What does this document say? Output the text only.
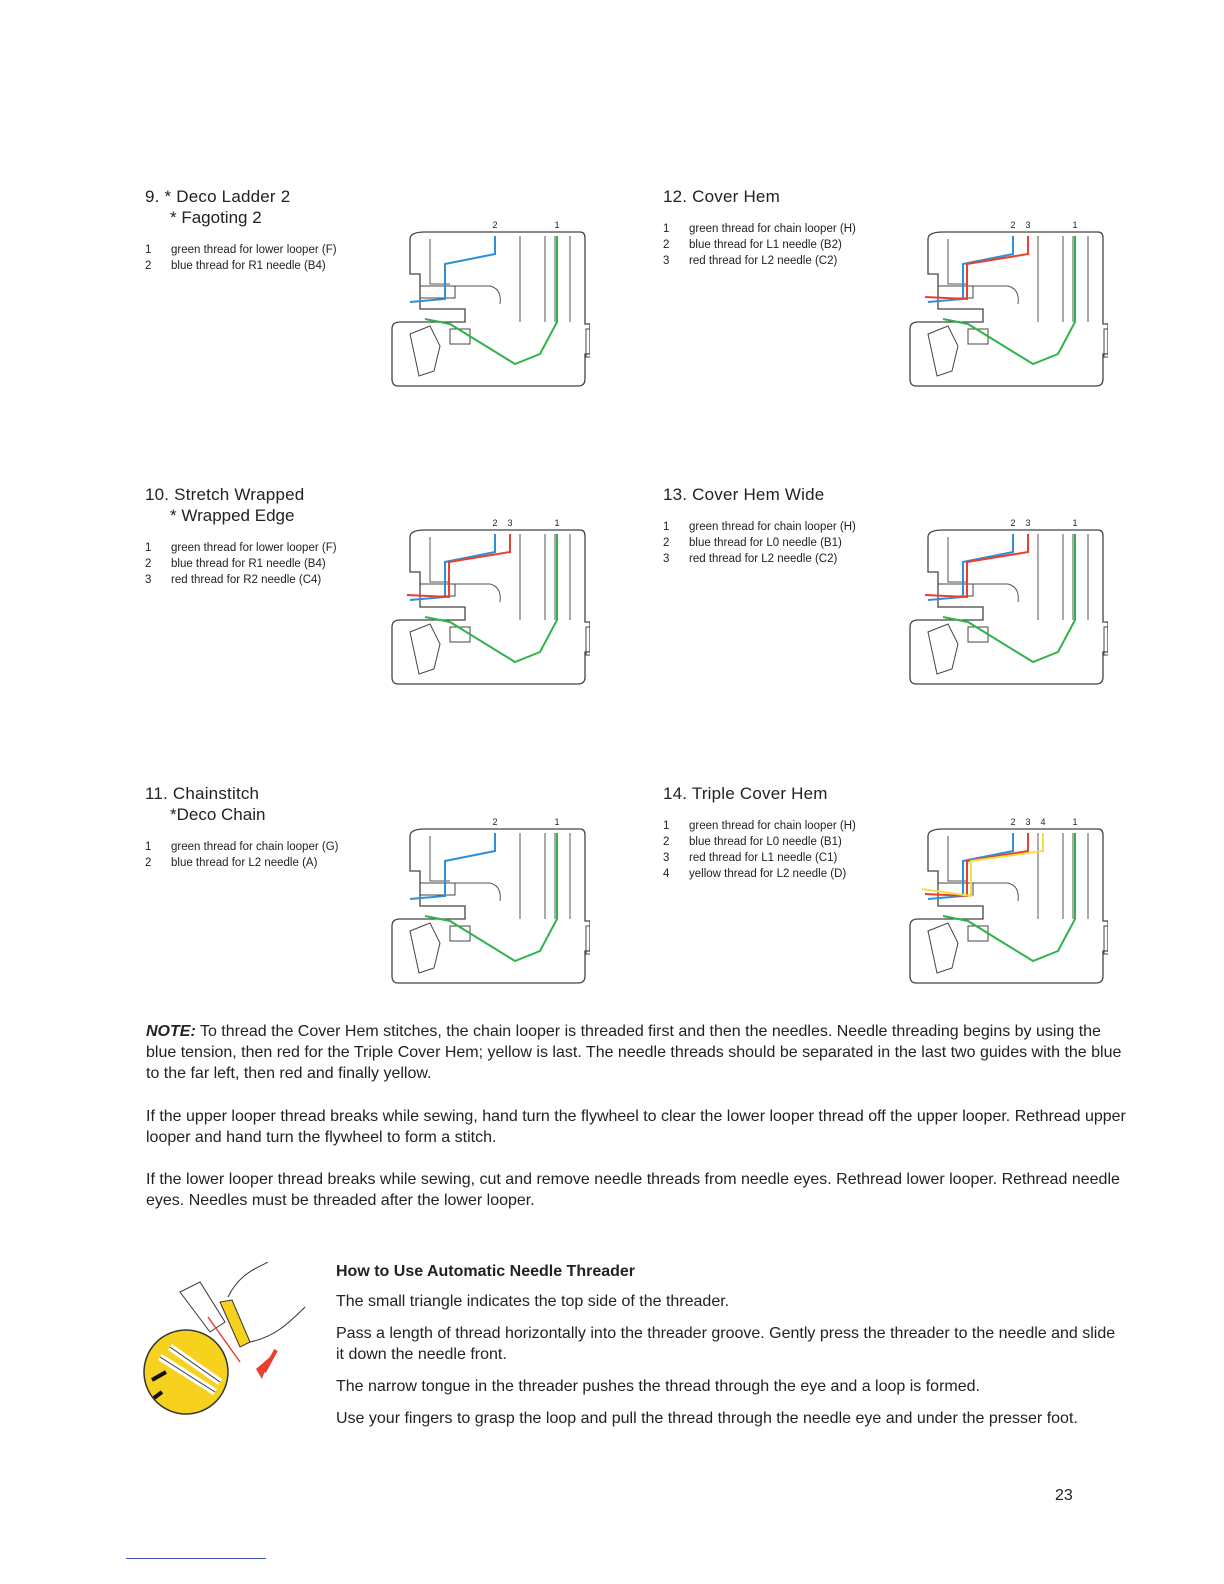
9. * Deco Ladder 2
* Fagoting 2
1	green thread for lower looper (F)
2	blue thread for R1 needle (B4)
2	1
10. Stretch Wrapped
* Wrapped Edge
1	green thread for lower looper (F)
2	blue thread for R1 needle (B4)
3	red thread for R2 needle (C4)
2 3	1
11. Chainstitch
*Deco Chain
1	green thread for chain looper (G)
2	blue thread for L2 needle (A)
2	1
12. Cover Hem
1	green thread for chain looper (H)
2	blue thread for L1 needle (B2)
3	red thread for L2 needle (C2)
2 3	1
13. Cover Hem Wide
1	green thread for chain looper (H)
2	blue thread for L0 needle (B1)
3	red thread for L2 needle (C2)
2 3	1
14. Triple Cover Hem
1	green thread for chain looper (H)
2	blue thread for L0 needle (B1)
3	red thread for L1 needle (C1)
4	yellow thread for L2 needle (D)
2 3 4	1
NOTE: To thread the Cover Hem stitches, the chain looper is threaded first and then the needles. Needle threading begins by using the blue tension, then red for the Triple Cover Hem; yellow is last. The needle threads should be separated in the last two guides with the blue to the far left, then red and finally yellow.
If the upper looper thread breaks while sewing, hand turn the flywheel to clear the lower looper thread off the upper looper. Rethread upper looper and hand turn the flywheel to form a stitch.
If the lower looper thread breaks while sewing, cut and remove needle threads from needle eyes. Rethread lower looper. Rethread needle eyes. Needles must be threaded after the lower looper.
How to Use Automatic Needle Threader

The small triangle indicates the top side of the threader.

Pass a length of thread horizontally into the threader groove. Gently press the threader to the needle and slide it down the needle front.

The narrow tongue in the threader pushes the thread through the eye and a loop is formed.

Use your fingers to grasp the loop and pull the thread through the needle eye and under the presser foot.

23
